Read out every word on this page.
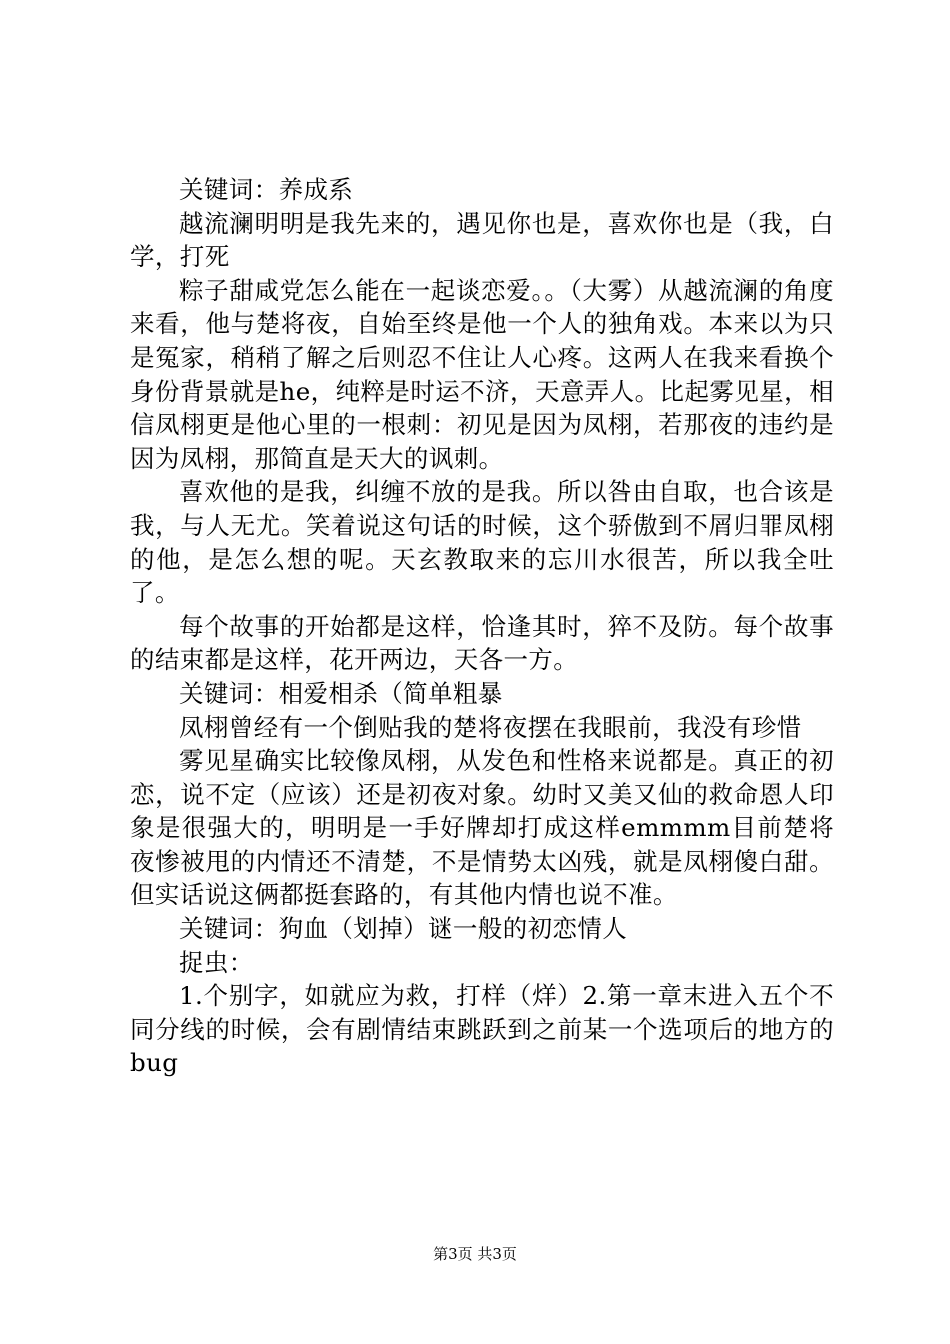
关键词：养成系

越流澜明明是我先来的，遇见你也是，喜欢你也是（我，白学，打死

粽子甜咸党怎么能在一起谈恋爱。。（大雾）从越流澜的角度来看，他与楚将夜，自始至终是他一个人的独角戏。本来以为只是冤家，稍稍了解之后则忍不住让人心疼。这两人在我来看换个身份背景就是he，纯粹是时运不济，天意弄人。比起雾见星，相信凤栩更是他心里的一根刺：初见是因为凤栩，若那夜的违约是因为凤栩，那简直是天大的讽刺。

喜欢他的是我，纠缠不放的是我。所以咎由自取，也合该是我，与人无尤。笑着说这句话的时候，这个骄傲到不屑归罪凤栩的他，是怎么想的呢。天玄教取来的忘川水很苦，所以我全吐了。

每个故事的开始都是这样，恰逢其时，猝不及防。每个故事的结束都是这样，花开两边，天各一方。

关键词：相爱相杀（简单粗暴

凤栩曾经有一个倒贴我的楚将夜摆在我眼前，我没有珍惜

雾见星确实比较像凤栩，从发色和性格来说都是。真正的初恋，说不定（应该）还是初夜对象。幼时又美又仙的救命恩人印象是很强大的，明明是一手好牌却打成这样emmmm目前楚将夜惨被甩的内情还不清楚，不是情势太凶残，就是凤栩傻白甜。但实话说这俩都挺套路的，有其他内情也说不准。

关键词：狗血（划掉）谜一般的初恋情人

捉虫：

1.个别字，如就应为救，打样（烊）2.第一章末进入五个不同分线的时候，会有剧情结束跳跃到之前某一个选项后的地方的bug

第3页 共3页
